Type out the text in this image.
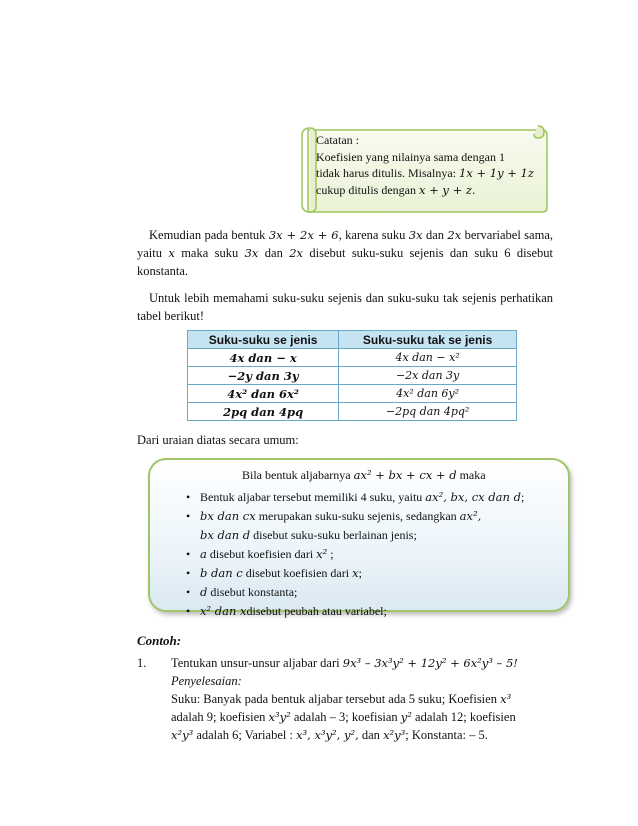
Catatan :
Koefisien yang nilainya sama dengan 1
tidak harus ditulis. Misalnya: 1x + 1y + 1z
cukup ditulis dengan x + y + z.
Kemudian pada bentuk 3x + 2x + 6, karena suku 3x dan 2x bervariabel sama, yaitu x maka suku 3x dan 2x disebut suku-suku sejenis dan suku 6 disebut konstanta.
Untuk lebih memahami suku-suku sejenis dan suku-suku tak sejenis perhatikan tabel berikut!
Suku-suku se jenis	Suku-suku tak se jenis
4x dan − x	4x dan − x²
−2y dan 3y	−2x dan 3y
4x² dan 6x²	4x² dan 6y²
2pq dan 4pq	−2pq dan 4pq²
Dari uraian diatas secara umum:
Bila bentuk aljabarnya ax² + bx + cx + d maka
• Bentuk aljabar tersebut memiliki 4 suku, yaitu ax², bx, cx dan d;
• bx dan cx merupakan suku-suku sejenis, sedangkan ax²,
bx dan d disebut suku-suku berlainan jenis;
• a disebut koefisien dari x² ;
• b dan c disebut koefisien dari x;
• d disebut konstanta;
• x² dan xdisebut peubah atau variabel;
Contoh:
1. Tentukan unsur-unsur aljabar dari 9x³ – 3x³y² + 12y² + 6x²y³ – 5!
Penyelesaian:
Suku: Banyak pada bentuk aljabar tersebut ada 5 suku; Koefisien x³
adalah 9; koefisien x³y² adalah – 3; koefisian y² adalah 12; koefisien
x²y³ adalah 6; Variabel : x³, x³y², y², dan x²y³; Konstanta: – 5.
